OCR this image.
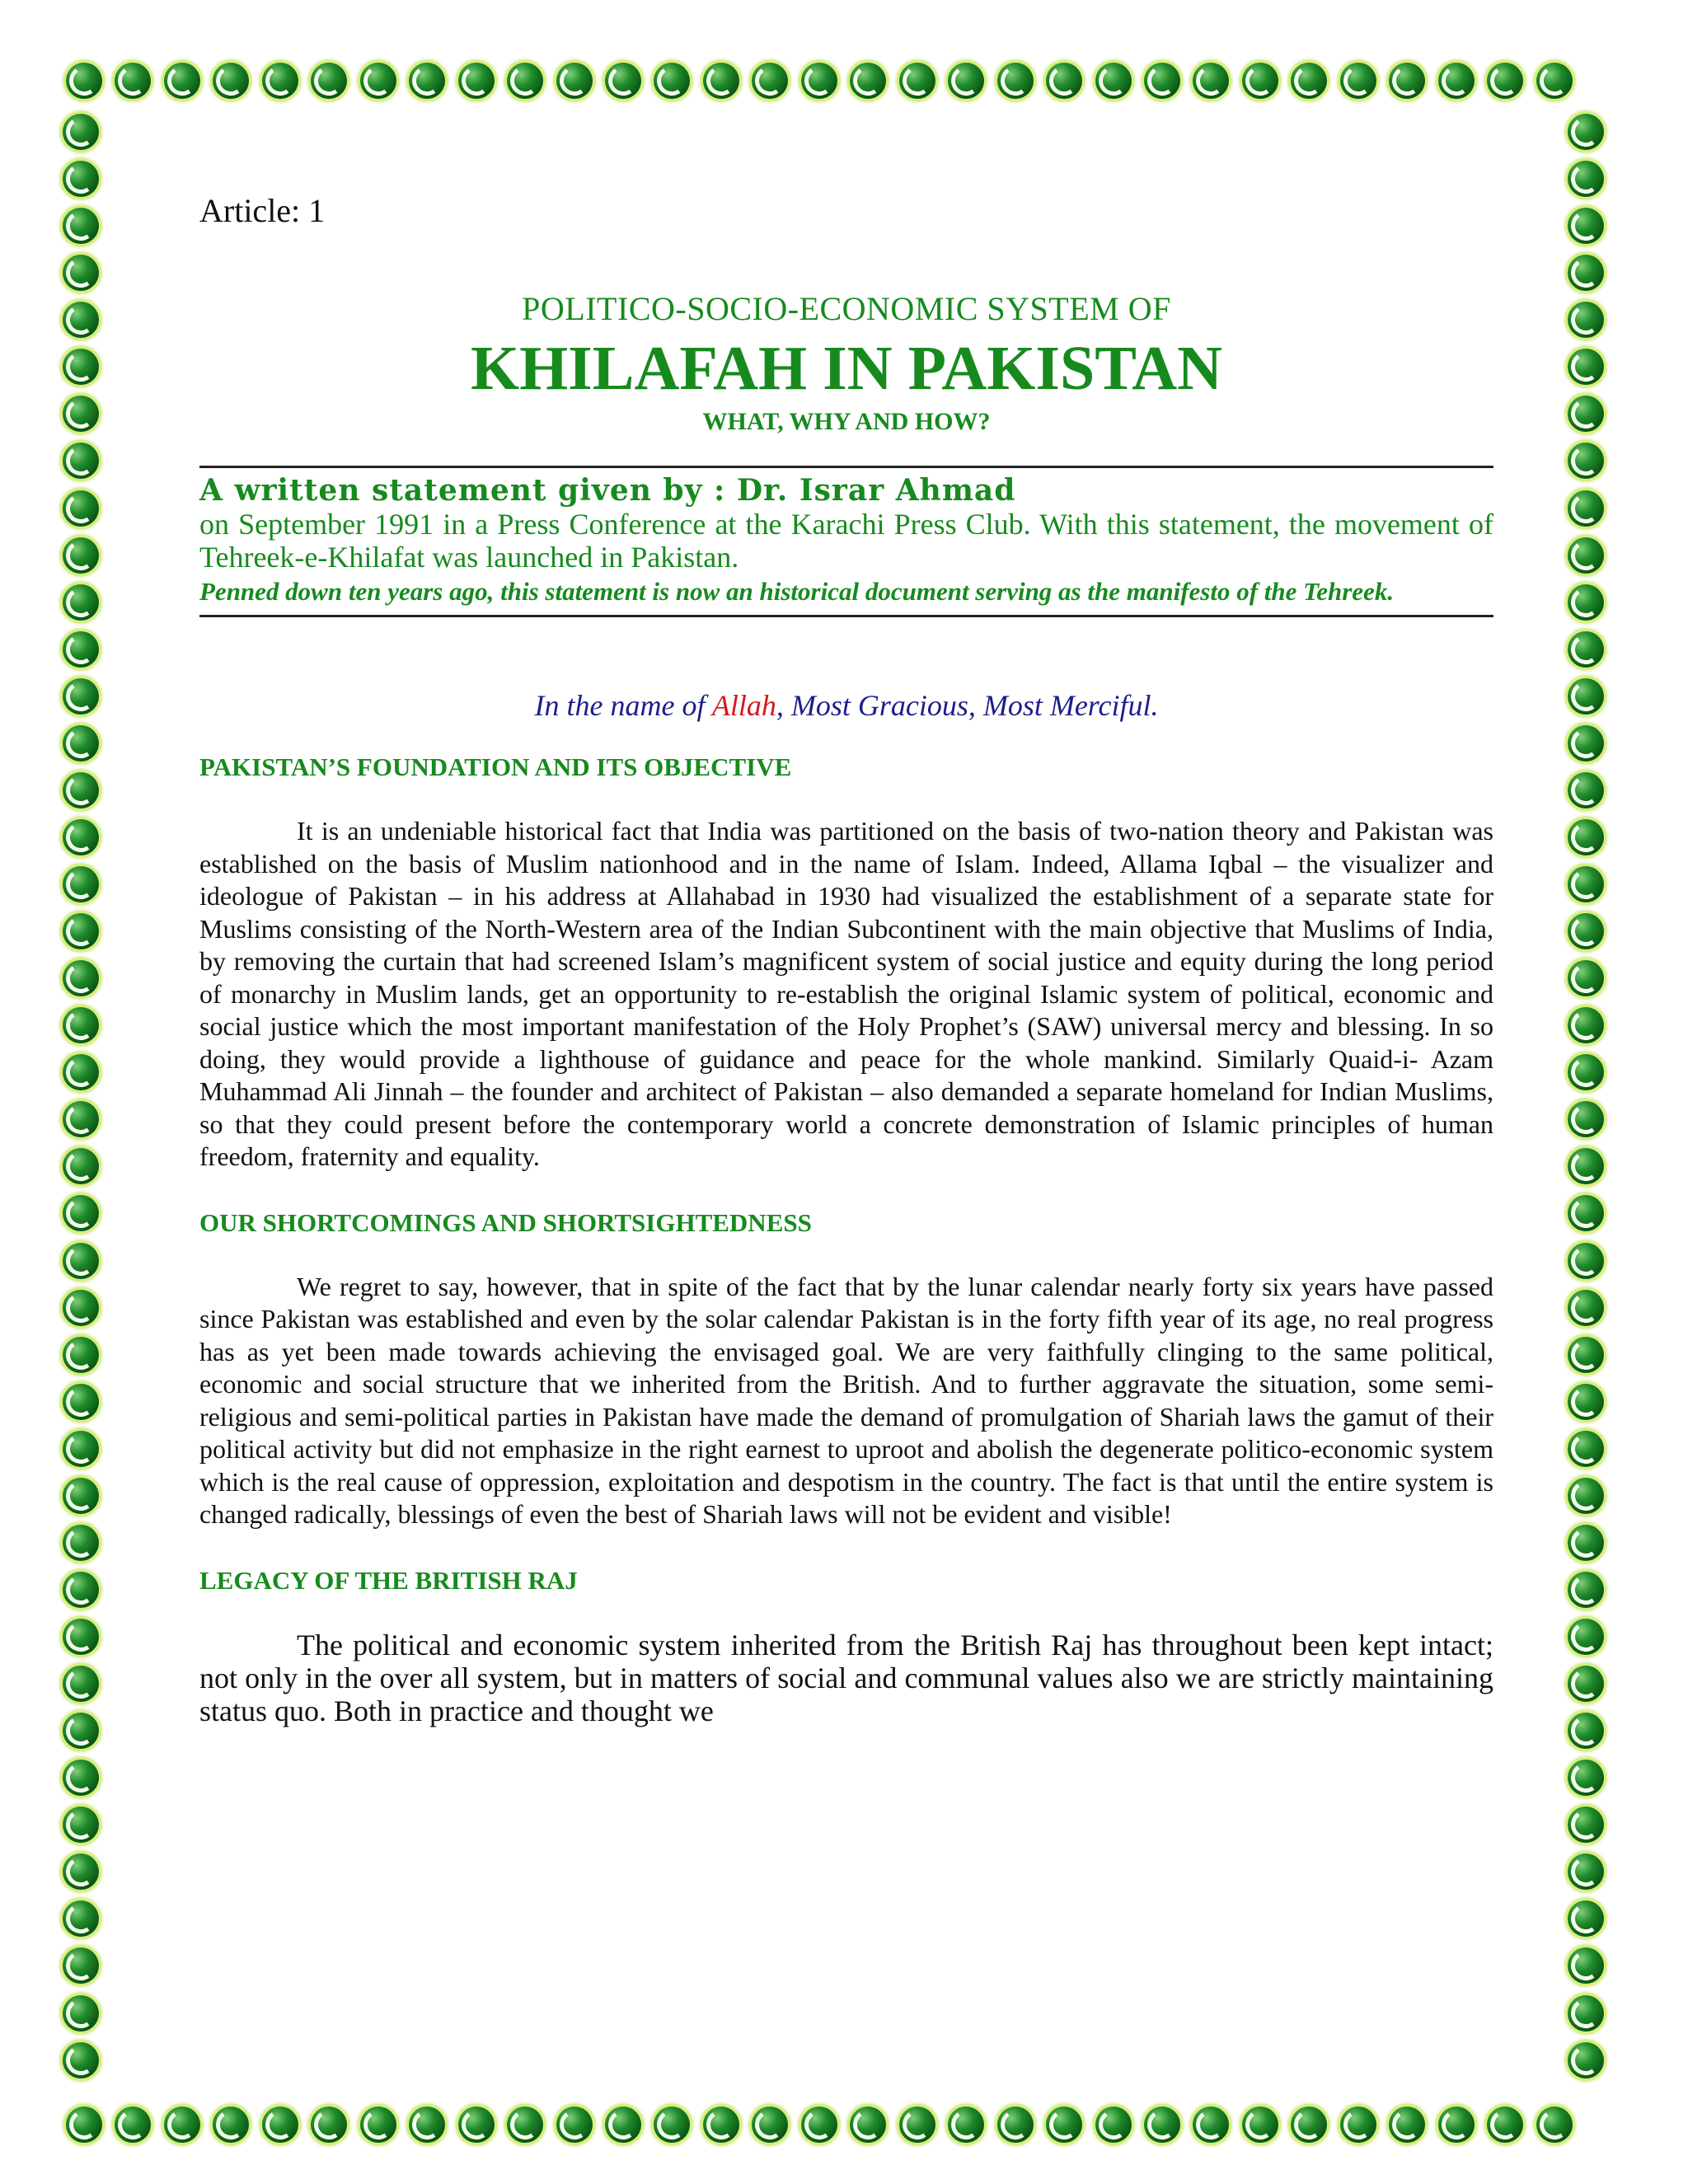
Article: 1

POLITICO-SOCIO-ECONOMIC SYSTEM OF

KHILAFAH IN PAKISTAN

WHAT, WHY AND HOW?

A written statement given by : Dr. Israr Ahmad

on September 1991 in a Press Conference at the Karachi Press Club. With this statement, the movement of Tehreek-e-Khilafat was launched in Pakistan.

Penned down ten years ago, this statement is now an historical document serving as the manifesto of the Tehreek.

In the name of Allah, Most Gracious, Most Merciful.

PAKISTAN’S FOUNDATION AND ITS OBJECTIVE

It is an undeniable historical fact that India was partitioned on the basis of two-nation theory and Pakistan was established on the basis of Muslim nationhood and in the name of Islam. Indeed, Allama Iqbal – the visualizer and ideologue of Pakistan – in his address at Allahabad in 1930 had visualized the establishment of a separate state for Muslims consisting of the North-Western area of the Indian Subcontinent with the main objective that Muslims of India, by removing the curtain that had screened Islam’s magnificent system of social justice and equity during the long period of monarchy in Muslim lands, get an opportunity to re-establish the original Islamic system of political, economic and social justice which the most important manifestation of the Holy Prophet’s (SAW) universal mercy and blessing. In so doing, they would provide a lighthouse of guidance and peace for the whole mankind. Similarly Quaid-i- Azam Muhammad Ali Jinnah – the founder and architect of Pakistan – also demanded a separate homeland for Indian Muslims, so that they could present before the contemporary world a concrete demonstration of Islamic principles of human freedom, fraternity and equality.

OUR SHORTCOMINGS AND SHORTSIGHTEDNESS

We regret to say, however, that in spite of the fact that by the lunar calendar nearly forty six years have passed since Pakistan was established and even by the solar calendar Pakistan is in the forty fifth year of its age, no real progress has as yet been made towards achieving the envisaged goal. We are very faithfully clinging to the same political, economic and social structure that we inherited from the British. And to further aggravate the situation, some semi-religious and semi-political parties in Pakistan have made the demand of promulgation of Shariah laws the gamut of their political activity but did not emphasize in the right earnest to uproot and abolish the degenerate politico-economic system which is the real cause of oppression, exploitation and despotism in the country. The fact is that until the entire system is changed radically, blessings of even the best of Shariah laws will not be evident and visible!

LEGACY OF THE BRITISH RAJ

The political and economic system inherited from the British Raj has throughout been kept intact; not only in the over all system, but in matters of social and communal values also we are strictly maintaining status quo. Both in practice and thought we
